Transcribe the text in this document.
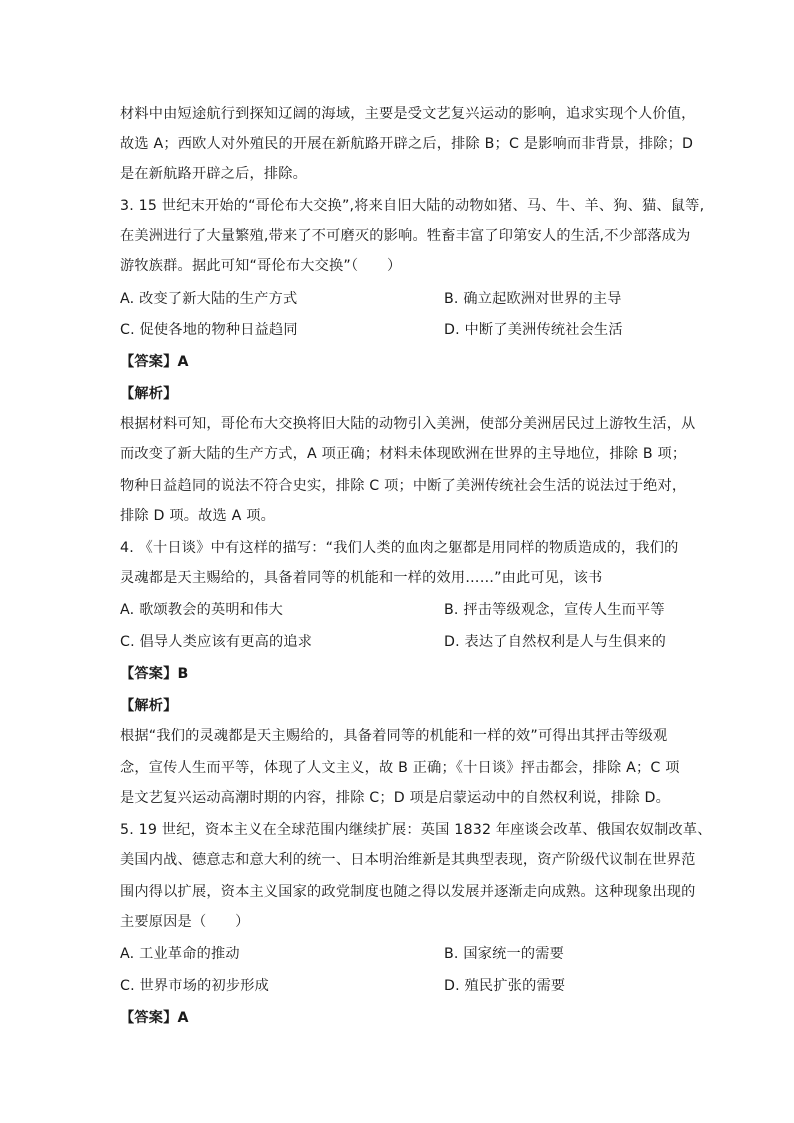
材料中由短途航行到探知辽阔的海域，主要是受文艺复兴运动的影响，追求实现个人价值，
故选 A；西欧人对外殖民的开展在新航路开辟之后，排除 B；C 是影响而非背景，排除；D
是在新航路开辟之后，排除。
3. 15 世纪末开始的“哥伦布大交换”,将来自旧大陆的动物如猪、马、牛、羊、狗、猫、鼠等,
在美洲进行了大量繁殖,带来了不可磨灭的影响。牲畜丰富了印第安人的生活,不少部落成为
游牧族群。据此可知“哥伦布大交换”（　　）
A. 改变了新大陆的生产方式	B. 确立起欧洲对世界的主导
C. 促使各地的物种日益趋同	D. 中断了美洲传统社会生活
【答案】A
【解析】
根据材料可知，哥伦布大交换将旧大陆的动物引入美洲，使部分美洲居民过上游牧生活，从
而改变了新大陆的生产方式，A 项正确；材料未体现欧洲在世界的主导地位，排除 B 项；
物种日益趋同的说法不符合史实，排除 C 项；中断了美洲传统社会生活的说法过于绝对，
排除 D 项。故选 A 项。
4. 《十日谈》中有这样的描写：“我们人类的血肉之躯都是用同样的物质造成的，我们的
灵魂都是天主赐给的，具备着同等的机能和一样的效用……”由此可见，该书
A. 歌颂教会的英明和伟大	B. 抨击等级观念，宣传人生而平等
C. 倡导人类应该有更高的追求	D. 表达了自然权利是人与生俱来的
【答案】B
【解析】
根据“我们的灵魂都是天主赐给的，具备着同等的机能和一样的效”可得出其抨击等级观
念，宣传人生而平等，体现了人文主义，故 B 正确；《十日谈》抨击都会，排除 A；C 项
是文艺复兴运动高潮时期的内容，排除 C；D 项是启蒙运动中的自然权利说，排除 D。
5. 19 世纪，资本主义在全球范围内继续扩展：英国 1832 年座谈会改革、俄国农奴制改革、
美国内战、德意志和意大利的统一、日本明治维新是其典型表现，资产阶级代议制在世界范
围内得以扩展，资本主义国家的政党制度也随之得以发展并逐渐走向成熟。这种现象出现的
主要原因是（　　）
A. 工业革命的推动	B. 国家统一的需要
C. 世界市场的初步形成	D. 殖民扩张的需要
【答案】A
